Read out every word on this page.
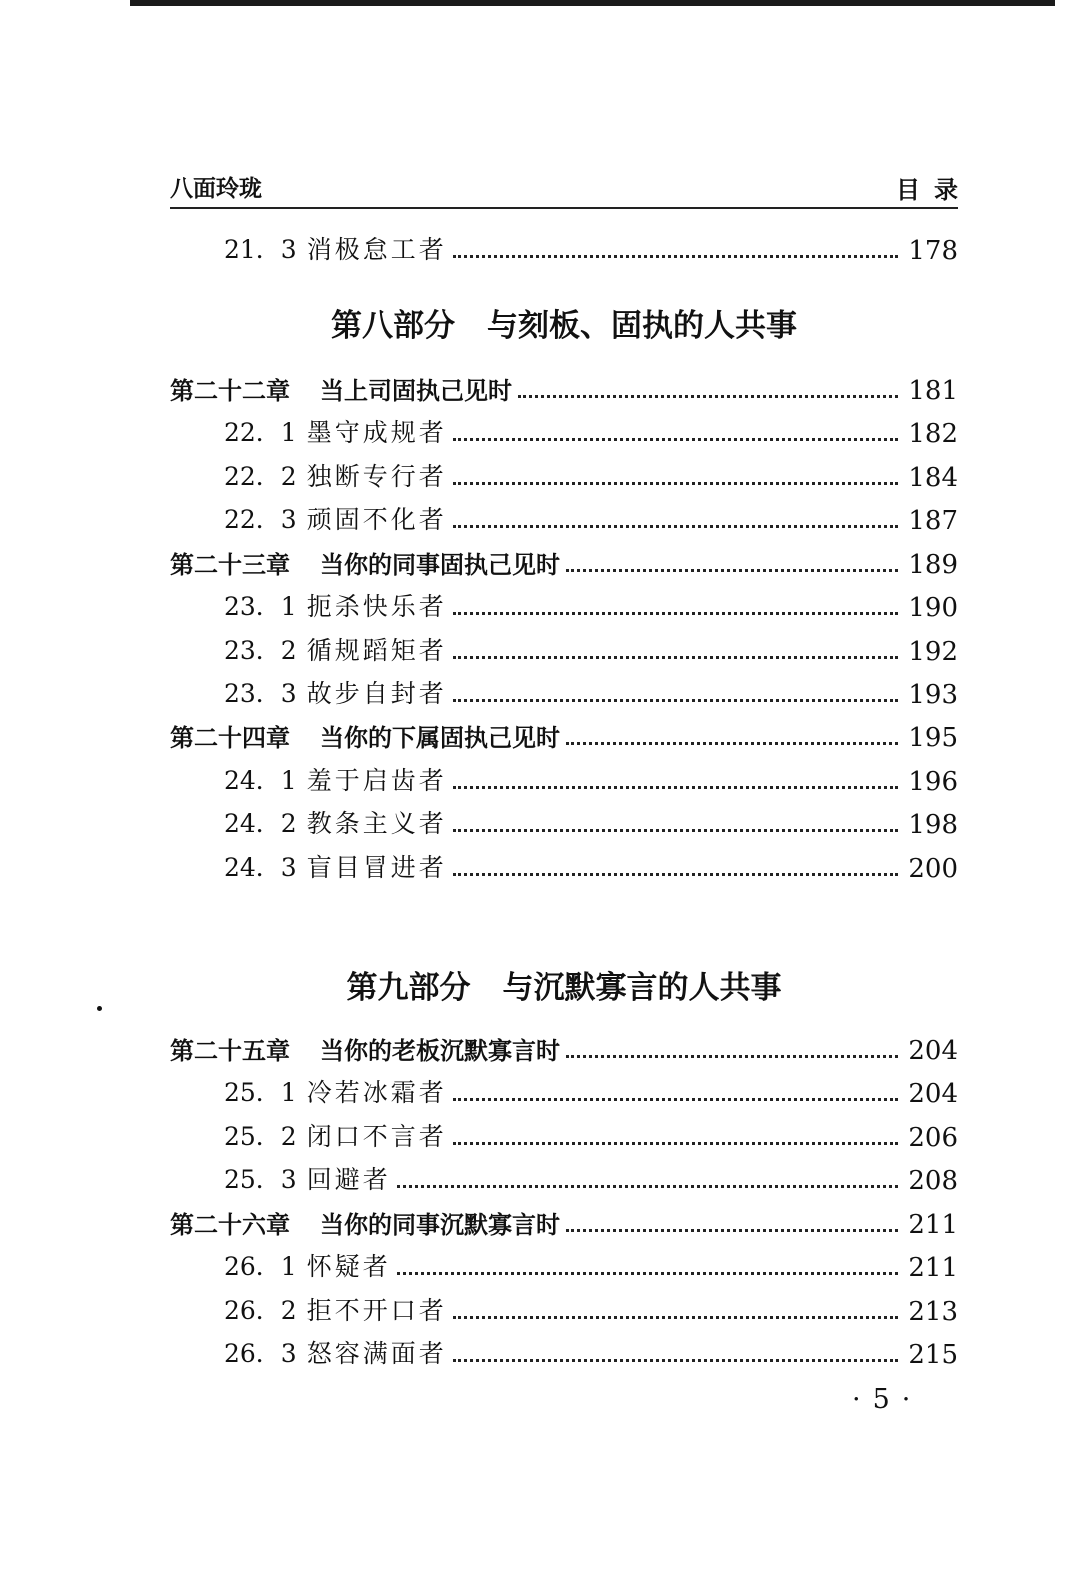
八面玲珑	目录
21．3 消极怠工者	178
第八部分 与刻板、固执的人共事
第二十二章	当上司固执己见时	181
22．1 墨守成规者	182
22．2 独断专行者	184
22．3 顽固不化者	187
第二十三章	当你的同事固执己见时	189
23．1 扼杀快乐者	190
23．2 循规蹈矩者	192
23．3 故步自封者	193
第二十四章	当你的下属固执己见时	195
24．1 羞于启齿者	196
24．2 教条主义者	198
24．3 盲目冒进者	200
第九部分 与沉默寡言的人共事
第二十五章	当你的老板沉默寡言时	204
25．1 冷若冰霜者	204
25．2 闭口不言者	206
25．3 回避者	208
第二十六章	当你的同事沉默寡言时	211
26．1 怀疑者	211
26．2 拒不开口者	213
26．3 怒容满面者	215
·5·
